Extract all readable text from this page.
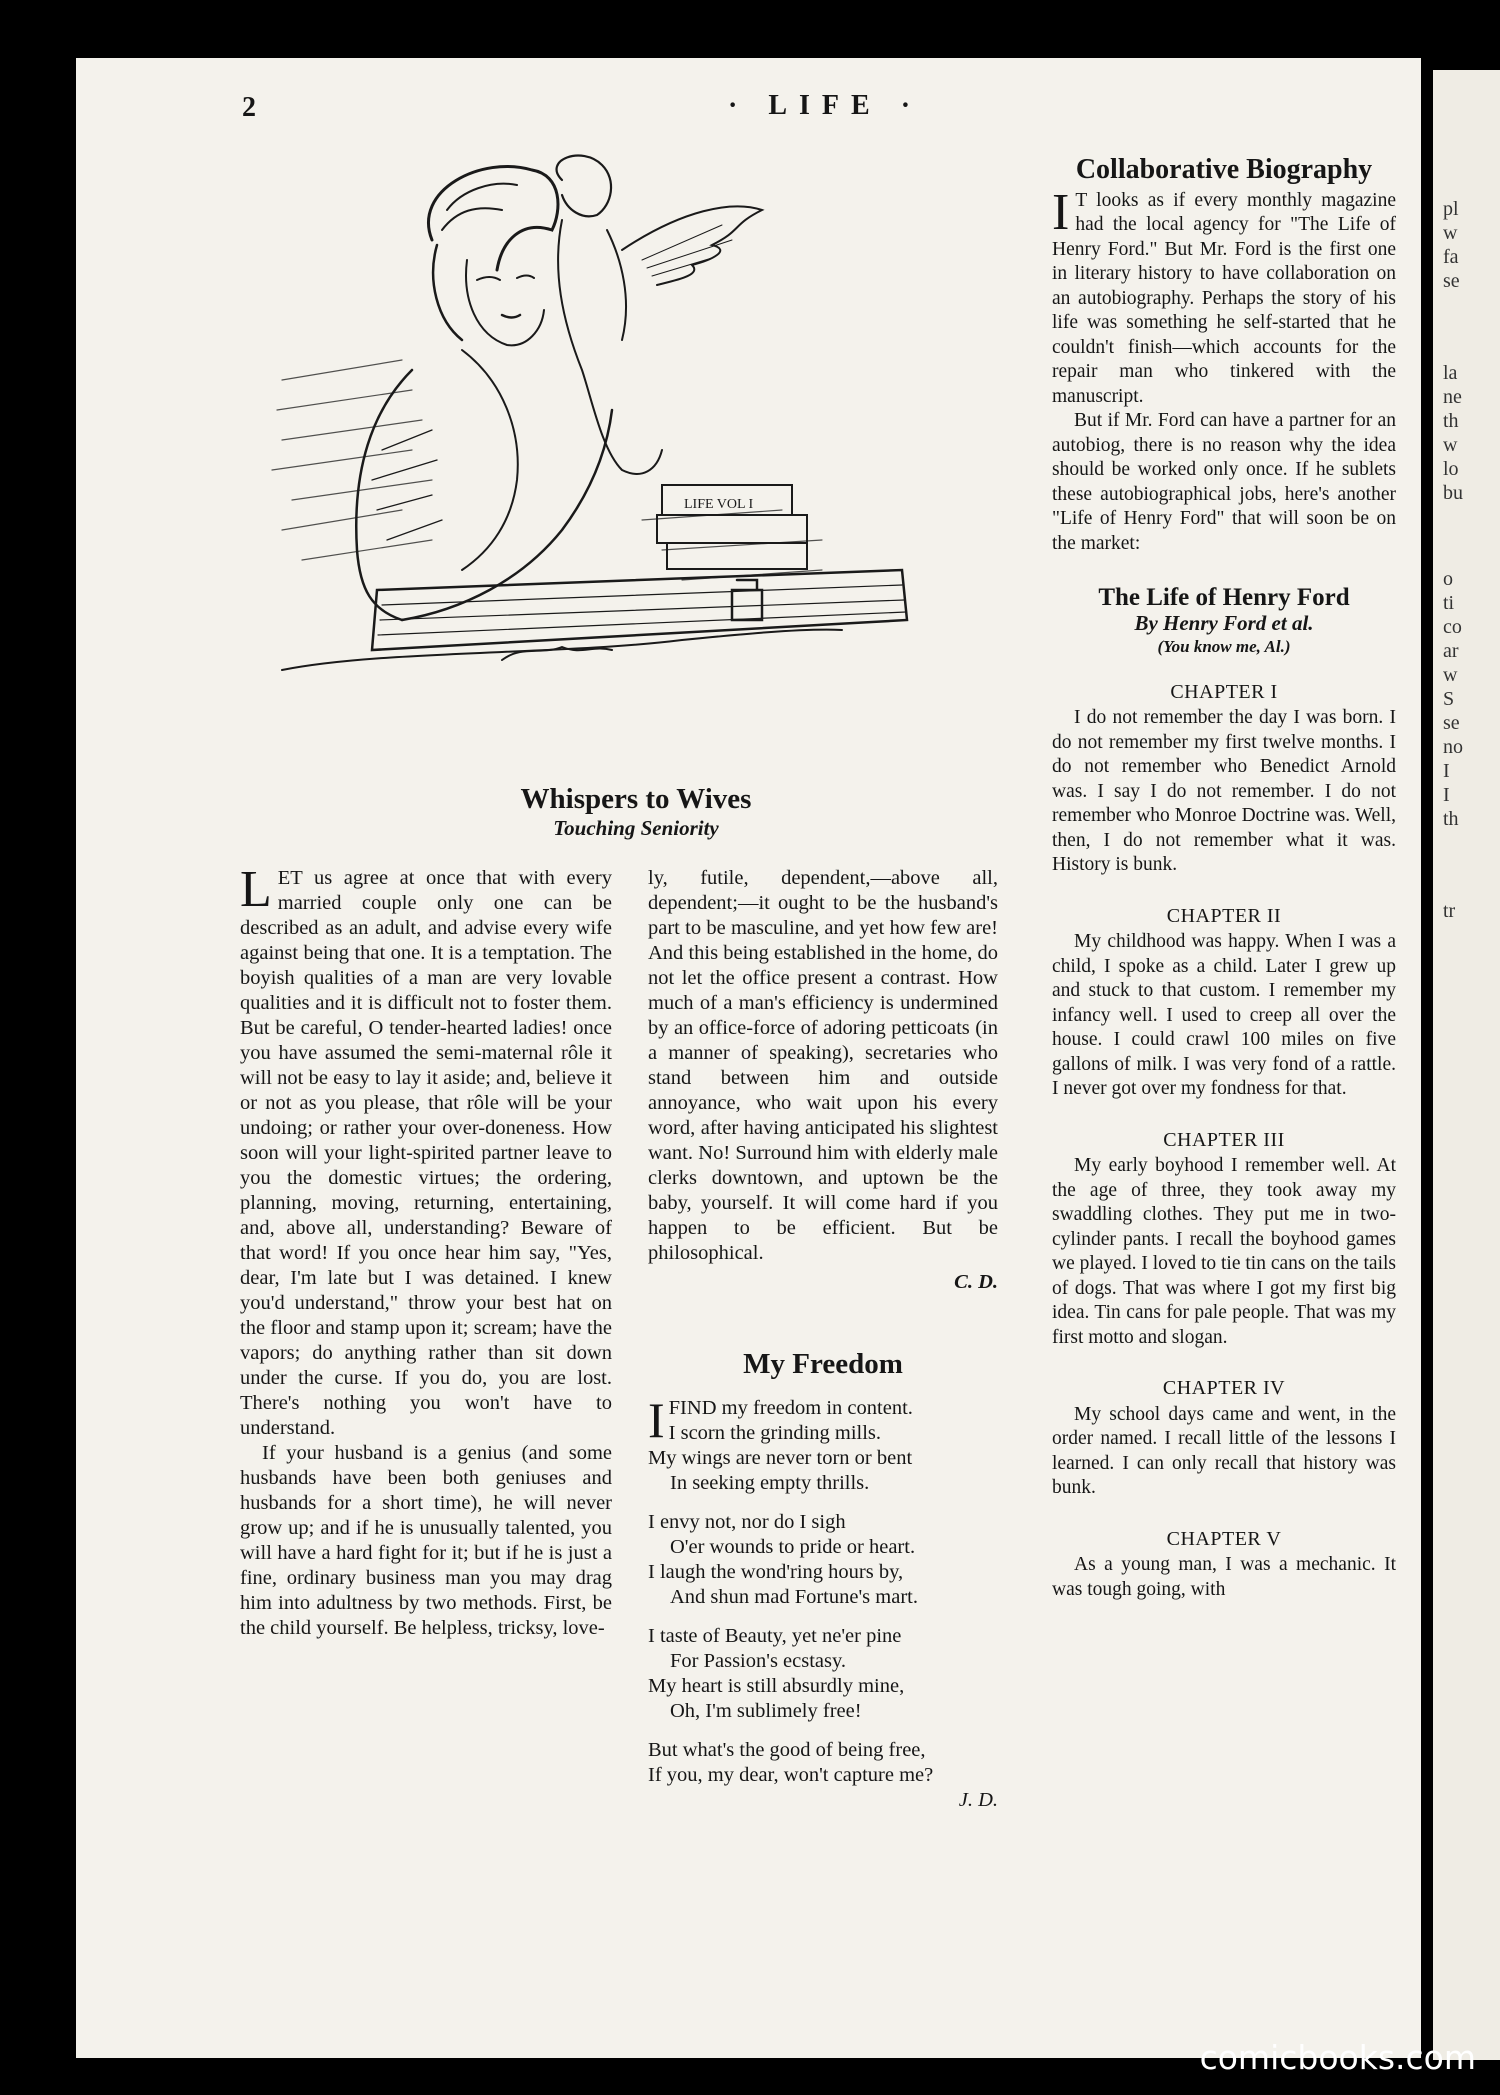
2	· LIFE ·
LIFE VOL I
Whispers to Wives
Touching Seniority

LET us agree at once that with every married couple only one can be described as an adult, and advise every wife against being that one. It is a temptation. The boyish qualities of a man are very lovable qualities and it is difficult not to foster them. But be careful, O tender-hearted ladies! once you have assumed the semi-maternal rôle it will not be easy to lay it aside; and, believe it or not as you please, that rôle will be your undoing; or rather your over-doneness. How soon will your light-spirited partner leave to you the domestic virtues; the ordering, planning, moving, returning, entertaining, and, above all, understanding? Beware of that word! If you once hear him say, "Yes, dear, I'm late but I was detained. I knew you'd understand," throw your best hat on the floor and stamp upon it; scream; have the vapors; do anything rather than sit down under the curse. If you do, you are lost. There's nothing you won't have to understand.

If your husband is a genius (and some husbands have been both geniuses and husbands for a short time), he will never grow up; and if he is unusually talented, you will have a hard fight for it; but if he is just a fine, ordinary business man you may drag him into adultness by two methods. First, be the child yourself. Be helpless, tricksy, love-

ly, futile, dependent,—above all, dependent;—it ought to be the husband's part to be masculine, and yet how few are! And this being established in the home, do not let the office present a contrast. How much of a man's efficiency is undermined by an office-force of adoring petticoats (in a manner of speaking), secretaries who stand between him and outside annoyance, who wait upon his every word, after having anticipated his slightest want. No! Surround him with elderly male clerks downtown, and uptown be the baby, yourself. It will come hard if you happen to be efficient. But be philosophical.

C. D.
My Freedom
IFIND my freedom in content.
I scorn the grinding mills.
My wings are never torn or bent
In seeking empty thrills.
I envy not, nor do I sigh
O'er wounds to pride or heart.
I laugh the wond'ring hours by,
And shun mad Fortune's mart.
I taste of Beauty, yet ne'er pine
For Passion's ecstasy.
My heart is still absurdly mine,
Oh, I'm sublimely free!
But what's the good of being free,
If you, my dear, won't capture me?
J. D.
Collaborative Biography

I T looks as if every monthly magazine had the local agency for "The Life of Henry Ford." But Mr. Ford is the first one in literary history to have collaboration on an autobiography. Perhaps the story of his life was something he self-started that he couldn't finish—which accounts for the repair man who tinkered with the manuscript.

But if Mr. Ford can have a partner for an autobiog, there is no reason why the idea should be worked only once. If he sublets these autobiographical jobs, here's another "Life of Henry Ford" that will soon be on the market:

The Life of Henry Ford
By Henry Ford et al.
(You know me, Al.)
CHAPTER I

I do not remember the day I was born. I do not remember my first twelve months. I do not remember who Benedict Arnold was. I say I do not remember. I do not remember who Monroe Doctrine was. Well, then, I do not remember what it was. History is bunk.

CHAPTER II

My childhood was happy. When I was a child, I spoke as a child. Later I grew up and stuck to that custom. I remember my infancy well. I used to creep all over the house. I could crawl 100 miles on five gallons of milk. I was very fond of a rattle. I never got over my fondness for that.

CHAPTER III

My early boyhood I remember well. At the age of three, they took away my swaddling clothes. They put me in two-cylinder pants. I recall the boyhood games we played. I loved to tie tin cans on the tails of dogs. That was where I got my first big idea. Tin cans for pale people. That was my first motto and slogan.

CHAPTER IV

My school days came and went, in the order named. I recall little of the lessons I learned. I can only recall that history was bunk.

CHAPTER V

As a young man, I was a mechanic. It was tough going, with

pl
w
fa
se
la
ne
th
w
lo
bu
o
ti
co
ar
w
S
se
no
I
I
th
tr
comicbooks.com
